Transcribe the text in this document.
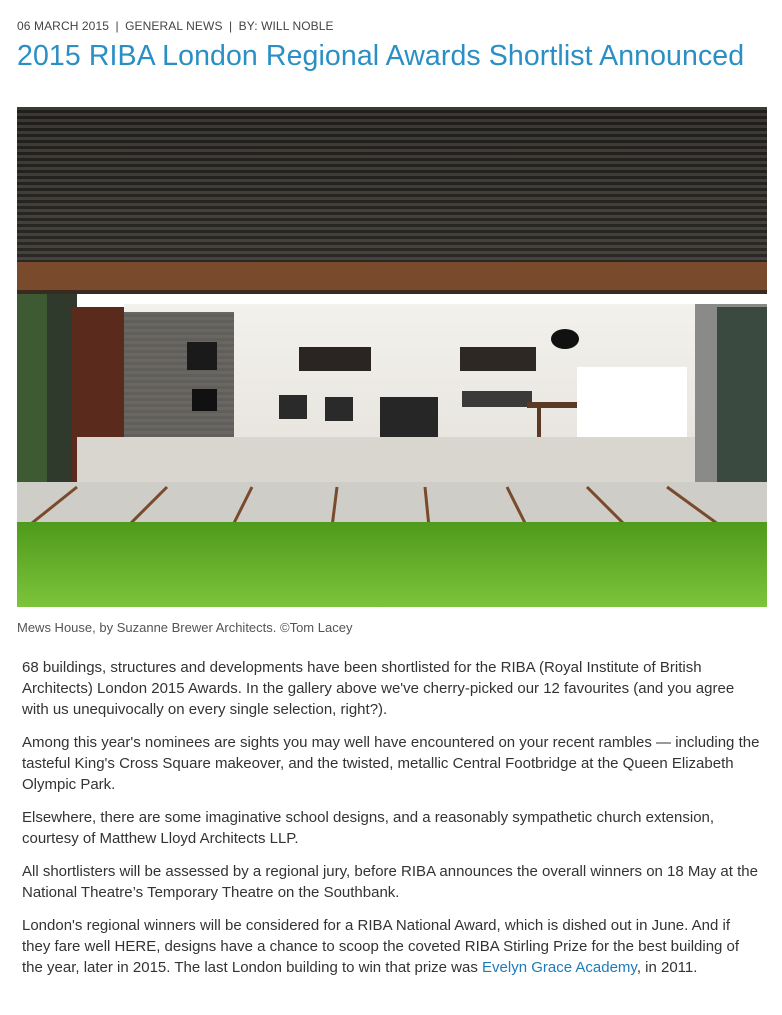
06 MARCH 2015 | GENERAL NEWS | BY: WILL NOBLE
2015 RIBA London Regional Awards Shortlist Announced
Mews House, by Suzanne Brewer Architects. ©Tom Lacey

68 buildings, structures and developments have been shortlisted for the RIBA (Royal Institute of British Architects) London 2015 Awards. In the gallery above we've cherry-picked our 12 favourites (and you agree with us unequivocally on every single selection, right?).

Among this year's nominees are sights you may well have encountered on your recent rambles — including the tasteful King's Cross Square makeover, and the twisted, metallic Central Footbridge at the Queen Elizabeth Olympic Park.

Elsewhere, there are some imaginative school designs, and a reasonably sympathetic church extension, courtesy of Matthew Lloyd Architects LLP.

All shortlisters will be assessed by a regional jury, before RIBA announces the overall winners on 18 May at the National Theatre’s Temporary Theatre on the Southbank.

London's regional winners will be considered for a RIBA National Award, which is dished out in June. And if they fare well HERE, designs have a chance to scoop the coveted RIBA Stirling Prize for the best building of the year, later in 2015. The last London building to win that prize was Evelyn Grace Academy, in 2011.
